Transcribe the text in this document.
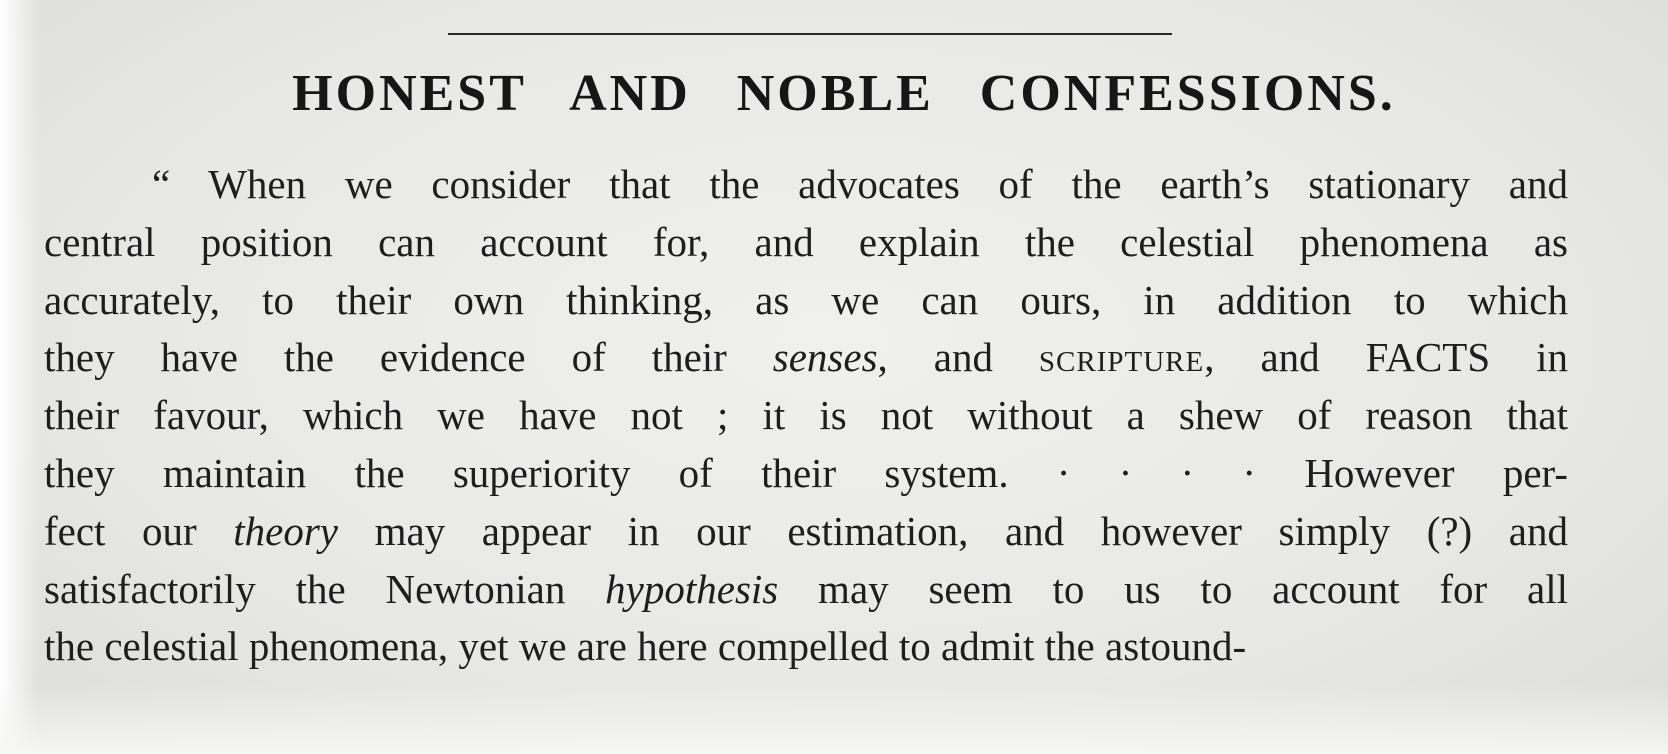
HONEST AND NOBLE CONFESSIONS.
“ When we consider that the advocates of the earth’s stationary and
central position can account for, and explain the celestial phenomena as
accurately, to their own thinking, as we can ours, in addition to which
they have the evidence of their senses, and scripture, and FACTS in
their favour, which we have not ; it is not without a shew of reason that
they maintain the superiority of their system. · · · · However per-
fect our theory may appear in our estimation, and however simply (?) and
satisfactorily the Newtonian hypothesis may seem to us to account for all
the celestial phenomena, yet we are here compelled to admit the astound-
